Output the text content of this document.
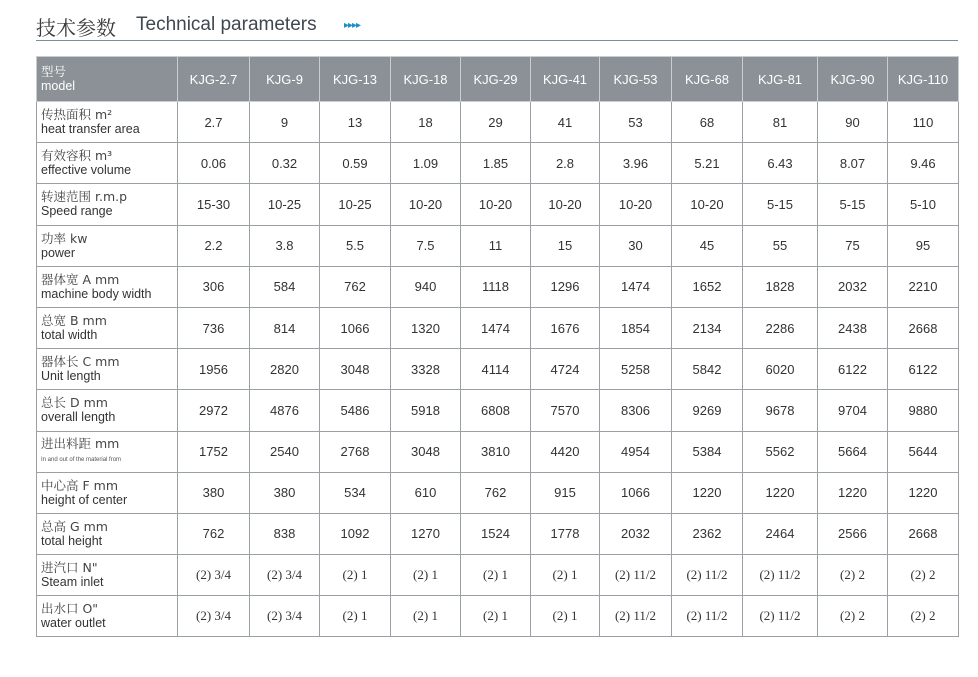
技术参数 Technical parameters	▸▸▸▸
型号
model	KJG-2.7	KJG-9	KJG-13	KJG-18	KJG-29	KJG-41	KJG-53	KJG-68	KJG-81	KJG-90	KJG-110

传热面积 m²
heat transfer area	2.7	9	13	18	29	41	53	68	81	90	110

有效容积 m³
effective volume	0.06	0.32	0.59	1.09	1.85	2.8	3.96	5.21	6.43	8.07	9.46

转速范围 r.m.p
Speed range	15-30	10-25	10-25	10-20	10-20	10-20	10-20	10-20	5-15	5-15	5-10

功率 kw
power	2.2	3.8	5.5	7.5	11	15	30	45	55	75	95

器体宽 A mm
machine body width	306	584	762	940	1118	1296	1474	1652	1828	2032	2210

总宽 B mm
total width	736	814	1066	1320	1474	1676	1854	2134	2286	2438	2668

器体长 C mm
Unit length	1956	2820	3048	3328	4114	4724	5258	5842	6020	6122	6122

总长 D mm
overall length	2972	4876	5486	5918	6808	7570	8306	9269	9678	9704	9880

进出料距 mm
In and out of the material from	1752	2540	2768	3048	3810	4420	4954	5384	5562	5664	5644

中心高 F mm
height of center	380	380	534	610	762	915	1066	1220	1220	1220	1220

总高 G mm
total height	762	838	1092	1270	1524	1778	2032	2362	2464	2566	2668

进汽口 N"
Steam inlet	(2) 3/4	(2) 3/4	(2) 1	(2) 1	(2) 1	(2) 1	(2) 11/2	(2) 11/2	(2) 11/2	(2) 2	(2) 2

出水口 O"
water outlet	(2) 3/4	(2) 3/4	(2) 1	(2) 1	(2) 1	(2) 1	(2) 11/2	(2) 11/2	(2) 11/2	(2) 2	(2) 2
